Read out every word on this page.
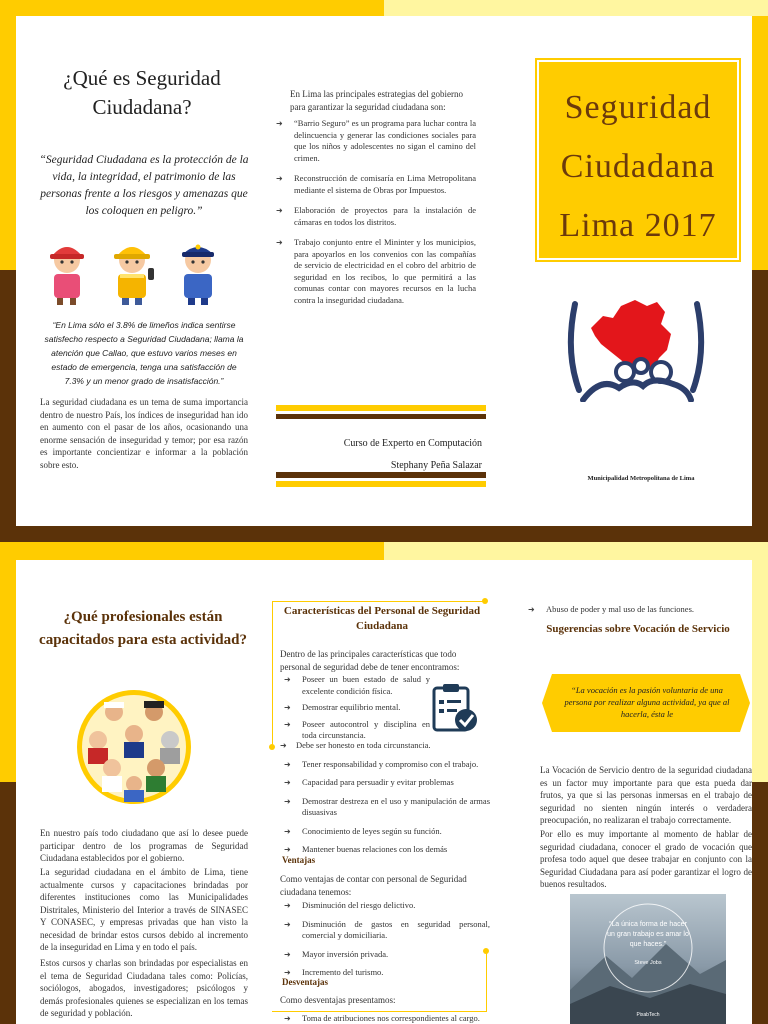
¿Qué es Seguridad
Ciudadana?
“Seguridad Ciudadana es la protección de la vida, la integridad, el patrimonio de las personas frente a los riesgos y amenazas que los coloquen en peligro.”
“En Lima sólo el 3.8% de limeños indica sentirse satisfecho respecto a Seguridad Ciudadana; llama la atención que Callao, que estuvo varios meses en estado de emergencia, tenga una satisfacción de 7.3% y un menor grado de insatisfacción.”
La seguridad ciudadana es un tema de suma importancia dentro de nuestro País, los índices de inseguridad han ido en aumento con el pasar de los años, ocasionando una enorme sensación de inseguridad y temor; por esa razón es importante concientizar e informar a la población sobre esto.
En Lima las principales estrategias del gobierno para garantizar la seguridad ciudadana son:
➜ “Barrio Seguro” es un programa para luchar contra la delincuencia y generar las condiciones sociales para que los niños y adolescentes no sigan el camino del crimen.
➜ Reconstrucción de comisaría en Lima Metropolitana mediante el sistema de Obras por Impuestos.
➜ Elaboración de proyectos para la instalación de cámaras en todos los distritos.
➜ Trabajo conjunto entre el Mininter y los municipios, para apoyarlos en los convenios con las compañías de servicio de electricidad en el cobro del arbitrio de seguridad en los recibos, lo que permitirá a las comunas contar con mayores recursos en la lucha contra la inseguridad ciudadana.
Curso de Experto en Computación
Stephany Peña Salazar
Seguridad
Ciudadana
Lima 2017
Municipalidad Metropolitana de Lima
¿Qué profesionales están capacitados para esta actividad?
En nuestro país todo ciudadano que así lo desee puede participar dentro de los programas de Seguridad Ciudadana establecidos por el gobierno.
La seguridad ciudadana en el ámbito de Lima, tiene actualmente cursos y capacitaciones brindadas por diferentes instituciones como las Municipalidades Distritales, Ministerio del Interior a través de SINASEC Y CONASEC, y empresas privadas que han visto la necesidad de brindar estos cursos debido al incremento de la inseguridad en Lima y en todo el país.
Estos cursos y charlas son brindadas por especialistas en el tema de Seguridad Ciudadana tales como: Policías, sociólogos, abogados, investigadores; psicólogos y demás profesionales quienes se especializan en los temas de seguridad y población.
Características del Personal de Seguridad Ciudadana
Dentro de las principales características que todo personal de seguridad debe de tener encontramos:
➜ Poseer un buen estado de salud y excelente condición física.
➜ Demostrar equilibrio mental.
➜ Poseer autocontrol y disciplina en toda circunstancia.
➜ Debe ser honesto en toda circunstancia.
➜ Tener responsabilidad y compromiso con el trabajo.
➜ Capacidad para persuadir y evitar problemas
➜ Demostrar destreza en el uso y manipulación de armas disuasivas
➜ Conocimiento de leyes según su función.
➜ Mantener buenas relaciones con los demás
Ventajas
Como ventajas de contar con personal de Seguridad ciudadana tenemos:
➜ Disminución del riesgo delictivo.
➜ Disminución de gastos en seguridad personal, comercial y domiciliaria.
➜ Mayor inversión privada.
➜ Incremento del turismo.
Desventajas
Como desventajas presentamos:
➜ Toma de atribuciones nos correspondientes al cargo.
➜ Abuso de poder y mal uso de las funciones.
Sugerencias sobre Vocación de Servicio
“La vocación es la pasión voluntaria de una persona por realizar alguna actividad, ya que al hacerla, ésta le
La Vocación de Servicio dentro de la seguridad ciudadana es un factor muy importante para que esta pueda dar frutos, ya que si las personas inmersas en el trabajo de seguridad no sienten ningún interés o verdadera preocupación, no realizaran el trabajo correctamente.
Por ello es muy importante al momento de hablar de seguridad ciudadana, conocer el grado de vocación que profesa todo aquel que desee trabajar en conjunto con la Seguridad Ciudadana para así poder garantizar el logro de buenos resultados.
“La única forma de hacer un gran trabajo es amar lo que haces.”
Steve Jobs
PixabTech
